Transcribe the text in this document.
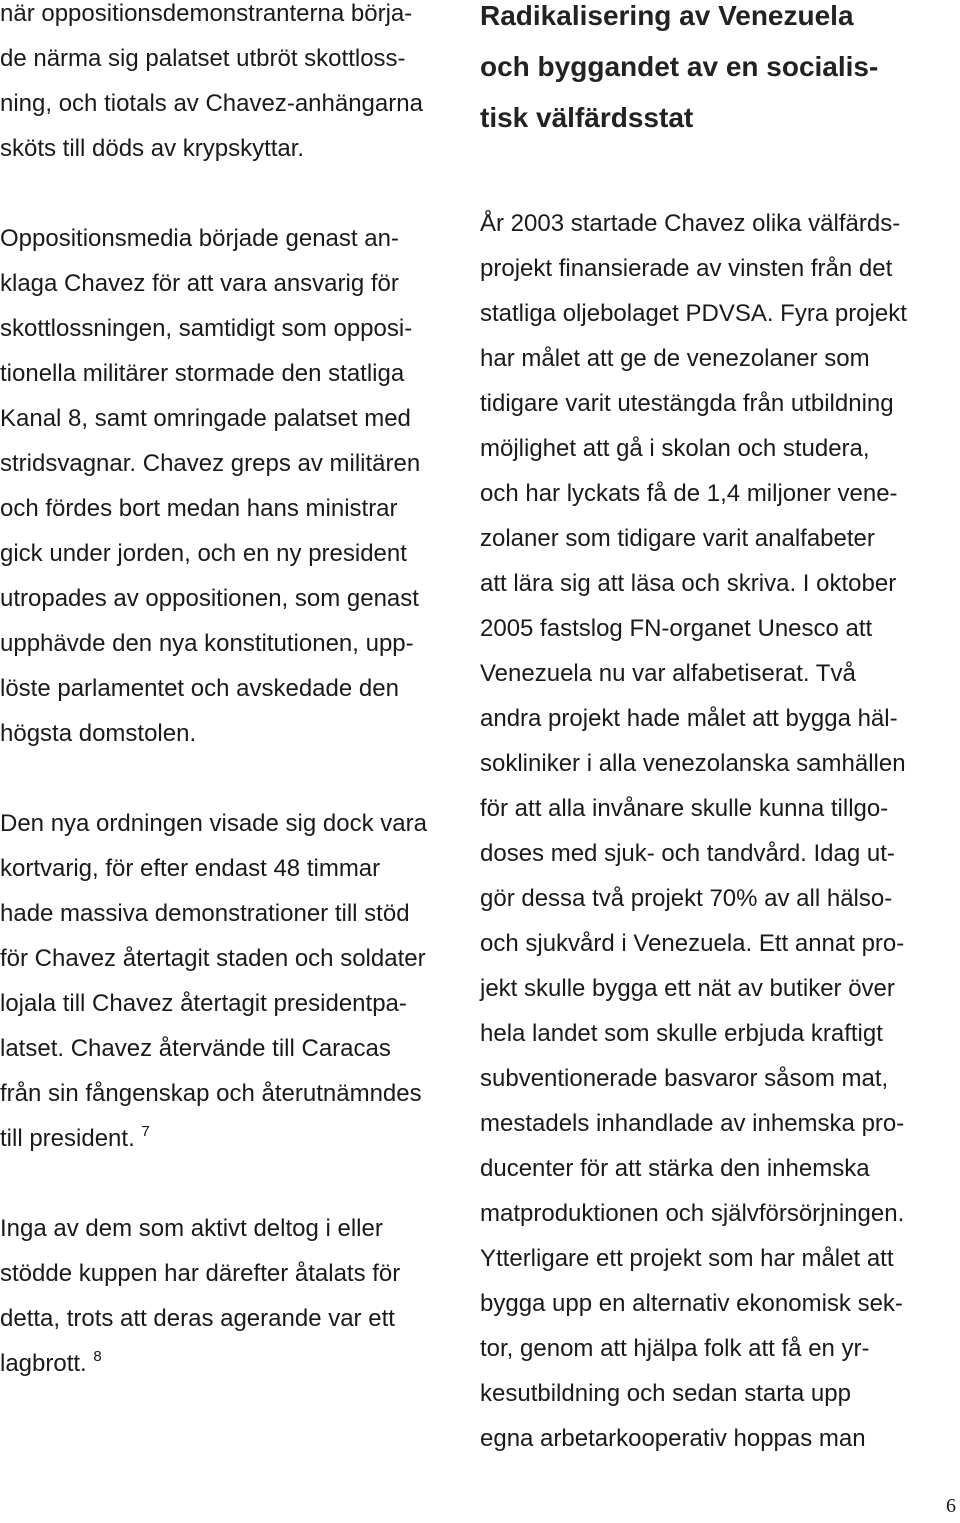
när oppositionsdemonstranterna börja-
de närma sig palatset utbröt skottloss-
ning, och tiotals av Chavez-anhängarna
sköts till döds av krypskyttar.
Oppositionsmedia började genast an-
klaga Chavez för att vara ansvarig för
skottlossningen, samtidigt som opposi-
tionella militärer stormade den statliga
Kanal 8, samt omringade palatset med
stridsvagnar. Chavez greps av militären
och fördes bort medan hans ministrar
gick under jorden, och en ny president
utropades av oppositionen, som genast
upphävde den nya konstitutionen, upp-
löste parlamentet och avskedade den
högsta domstolen.
Den nya ordningen visade sig dock vara
kortvarig, för efter endast 48 timmar
hade massiva demonstrationer till stöd
för Chavez återtagit staden och soldater
lojala till Chavez återtagit presidentpa-
latset. Chavez återvände till Caracas
från sin fångenskap och återutnämndes
till president. $^7$
Inga av dem som aktivt deltog i eller
stödde kuppen har därefter åtalats för
detta, trots att deras agerande var ett
lagbrott. $^8$
Radikalisering av Venezuela
och byggandet av en socialis-
tisk välfärdsstat
År 2003 startade Chavez olika välfärds-
projekt finansierade av vinsten från det
statliga oljebolaget PDVSA. Fyra projekt
har målet att ge de venezolaner som
tidigare varit utestängda från utbildning
möjlighet att gå i skolan och studera,
och har lyckats få de 1,4 miljoner vene-
zolaner som tidigare varit analfabeter
att lära sig att läsa och skriva. I oktober
2005 fastslog FN-organet Unesco att
Venezuela nu var alfabetiserat. Två
andra projekt hade målet att bygga häl-
sokliniker i alla venezolanska samhällen
för att alla invånare skulle kunna tillgo-
doses med sjuk- och tandvård. Idag ut-
gör dessa två projekt 70% av all hälso-
och sjukvård i Venezuela. Ett annat pro-
jekt skulle bygga ett nät av butiker över
hela landet som skulle erbjuda kraftigt
subventionerade basvaror såsom mat,
mestadels inhandlade av inhemska pro-
ducenter för att stärka den inhemska
matproduktionen och självförsörjningen.
Ytterligare ett projekt som har målet att
bygga upp en alternativ ekonomisk sek-
tor, genom att hjälpa folk att få en yr-
kesutbildning och sedan starta upp
egna arbetarkooperativ hoppas man
6
